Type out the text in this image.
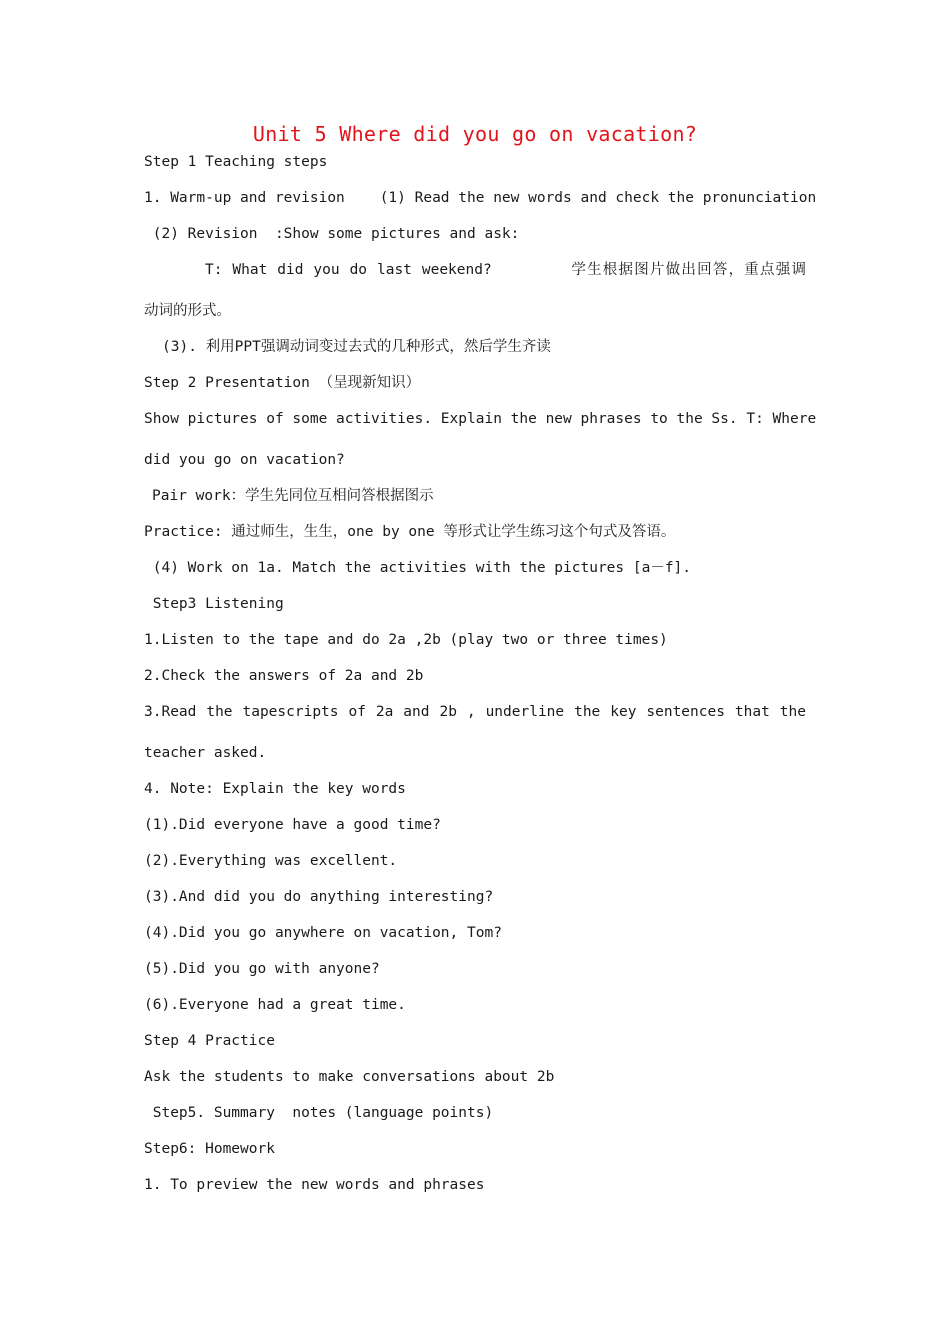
Unit 5 Where did you go on vacation?
Step 1 Teaching steps
1. Warm-up and revision    (1) Read the new words and check the pronunciation
(2) Revision  :Show some pictures and ask:
T: What did you do last weekend?        学生根据图片做出回答，重点强调
动词的形式。
(3). 利用PPT强调动词变过去式的几种形式，然后学生齐读
Step 2 Presentation （呈现新知识）
Show pictures of some activities. Explain the new phrases to the Ss. T: Where
did you go on vacation?
Pair work：学生先同位互相问答根据图示
Practice: 通过师生，生生，one by one 等形式让学生练习这个句式及答语。
(4) Work on 1a. Match the activities with the pictures [a－f].
Step3 Listening
1.Listen to the tape and do 2a ,2b (play two or three times)
2.Check the answers of 2a and 2b
3.Read the tapescripts of 2a and 2b , underline the key sentences that the
teacher asked.
4. Note: Explain the key words
(1).Did everyone have a good time?
(2).Everything was excellent.
(3).And did you do anything interesting?
(4).Did you go anywhere on vacation, Tom?
(5).Did you go with anyone?
(6).Everyone had a great time.
Step 4 Practice
Ask the students to make conversations about 2b
Step5. Summary  notes (language points)
Step6: Homework
1. To preview the new words and phrases
